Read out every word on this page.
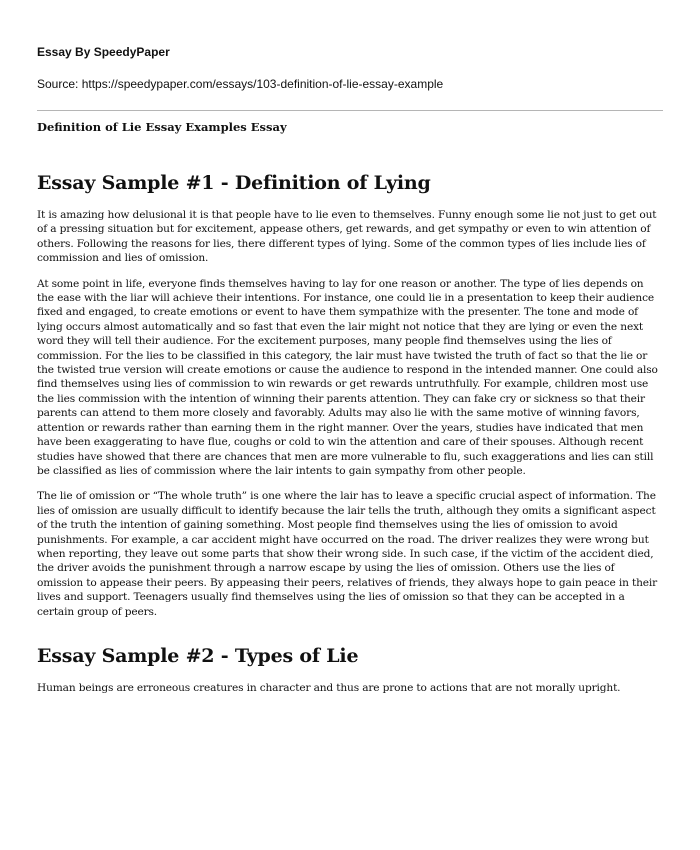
Essay By SpeedyPaper

Source: https://speedypaper.com/essays/103-definition-of-lie-essay-example

Definition of Lie Essay Examples Essay

Essay Sample #1 - Definition of Lying

It is amazing how delusional it is that people have to lie even to themselves. Funny enough some lie not just to get out of a pressing situation but for excitement, appease others, get rewards, and get sympathy or even to win attention of others. Following the reasons for lies, there different types of lying. Some of the common types of lies include lies of commission and lies of omission.

At some point in life, everyone finds themselves having to lay for one reason or another. The type of lies depends on the ease with the liar will achieve their intentions. For instance, one could lie in a presentation to keep their audience fixed and engaged, to create emotions or event to have them sympathize with the presenter. The tone and mode of lying occurs almost automatically and so fast that even the lair might not notice that they are lying or even the next word they will tell their audience. For the excitement purposes, many people find themselves using the lies of commission. For the lies to be classified in this category, the lair must have twisted the truth of fact so that the lie or the twisted true version will create emotions or cause the audience to respond in the intended manner. One could also find themselves using lies of commission to win rewards or get rewards untruthfully. For example, children most use the lies commission with the intention of winning their parents attention. They can fake cry or sickness so that their parents can attend to them more closely and favorably. Adults may also lie with the same motive of winning favors, attention or rewards rather than earning them in the right manner. Over the years, studies have indicated that men have been exaggerating to have flue, coughs or cold to win the attention and care of their spouses. Although recent studies have showed that there are chances that men are more vulnerable to flu, such exaggerations and lies can still be classified as lies of commission where the lair intents to gain sympathy from other people.

The lie of omission or “The whole truth” is one where the lair has to leave a specific crucial aspect of information. The lies of omission are usually difficult to identify because the lair tells the truth, although they omits a significant aspect of the truth the intention of gaining something. Most people find themselves using the lies of omission to avoid punishments. For example, a car accident might have occurred on the road. The driver realizes they were wrong but when reporting, they leave out some parts that show their wrong side. In such case, if the victim of the accident died, the driver avoids the punishment through a narrow escape by using the lies of omission. Others use the lies of omission to appease their peers. By appeasing their peers, relatives of friends, they always hope to gain peace in their lives and support. Teenagers usually find themselves using the lies of omission so that they can be accepted in a certain group of peers.

Essay Sample #2 - Types of Lie

Human beings are erroneous creatures in character and thus are prone to actions that are not morally upright.
